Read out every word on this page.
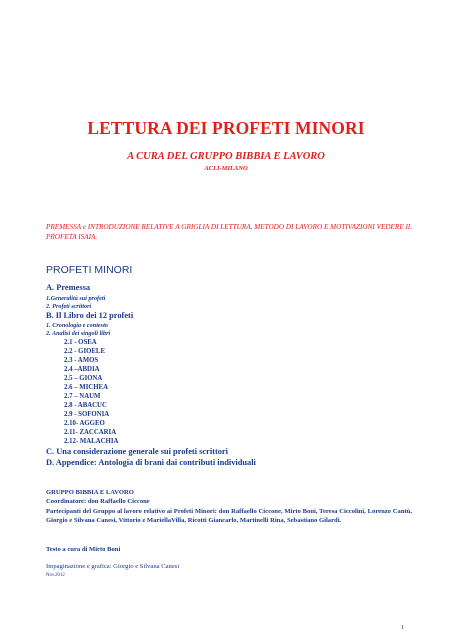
LETTURA DEI PROFETI MINORI
A CURA DEL GRUPPO BIBBIA E LAVORO
ACLI-MILANO
PREMESSA e INTRODUZIONE RELATIVE A GRIGLIA DI LETTURA, METODO DI LAVORO E MOTIVAZIONI VEDERE IL PROFETA ISAIA.
PROFETI MINORI
A. Premessa
1.Generalità sui profeti
2. Profeti scrittori
B. Il Libro dei 12 profeti
1. Cronologia e contesto
2. Analisi dei singoli libri
2.1 - OSEA
2.2 - GIOELE
2.3 - AMOS
2.4 –ABDIA
2.5 – GIONA
2.6 – MICHEA
2.7 – NAUM
2.8 - ABACUC
2.9 - SOFONIA
2.10- AGGEO
2.11- ZACCARIA
2.12- MALACHIA
C. Una considerazione generale sui profeti scrittori
D. Appendice: Antologia di brani dai contributi individuali
GRUPPO BIBBIA E LAVORO
Coordinatore: don Raffaello Ciccone
Partecipanti del Gruppo al lavoro relativo ai Profeti Minori: don Raffaello Ciccone, Mirto Boni, Teresa Ciccolini, Lorenzo Cantù, Giorgio e Silvana Canesi, Vittorio e MariellaVilla, Ricotti Giancarlo, Martinelli Rina, Sebastiano Gilardi.
Testo a cura di Mirto Boni
Impaginazione e grafica: Giorgio e Silvana Canesi
Nov.2012
1
